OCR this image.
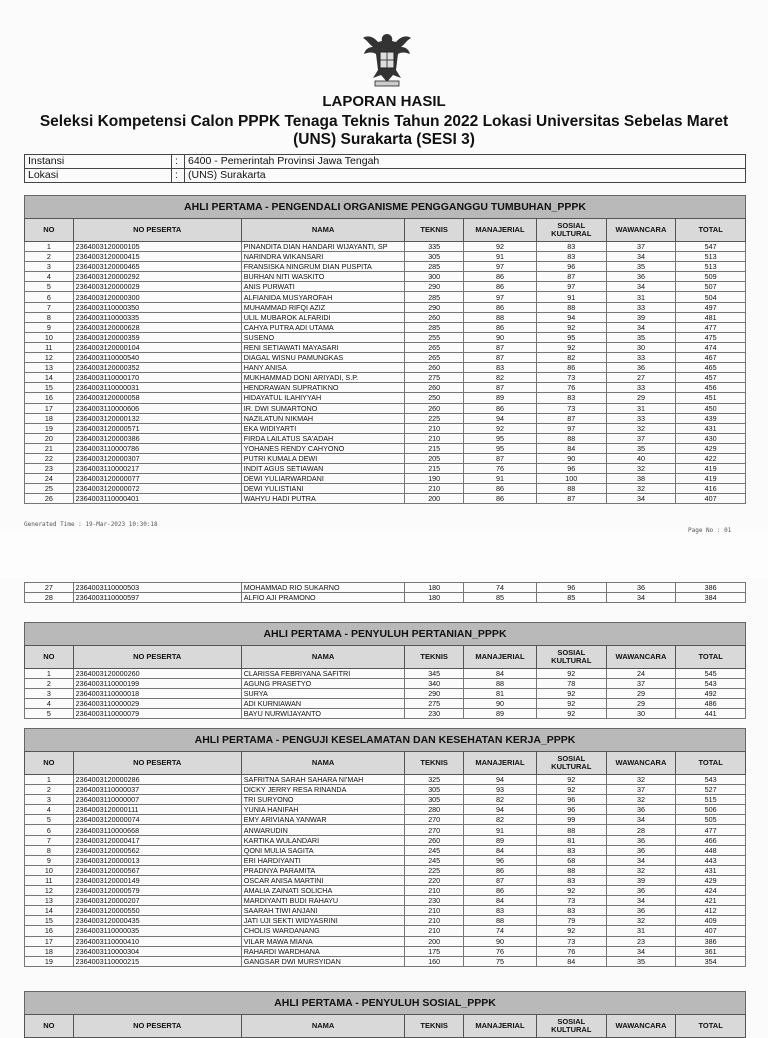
LAPORAN HASIL
Seleksi Kompetensi Calon PPPK Tenaga Teknis Tahun 2022 Lokasi Universitas Sebelas Maret
(UNS) Surakarta (SESI 3)
Instansi	:	6400 - Pemerintah Provinsi Jawa Tengah
Lokasi	:	(UNS) Surakarta
AHLI PERTAMA - PENGENDALI ORGANISME PENGGANGGU TUMBUHAN_PPPK
NO	NO PESERTA	NAMA	TEKNIS	MANAJERIAL	SOSIAL KULTURAL	WAWANCARA	TOTAL
1	2364003120000105	PINANDITA DIAN HANDARI WIJAYANTI, SP	335	92	83	37	547
2	2364003120000415	NARINDRA WIKANSARI	305	91	83	34	513
3	2364003120000465	FRANSISKA NINGRUM DIAN PUSPITA	285	97	96	35	513
4	2364003120000292	BURHAN NITI WASKITO	300	86	87	36	509
5	2364003120000029	ANIS PURWATI	290	86	97	34	507
6	2364003120000300	ALFIANIDA MUSYAROFAH	285	97	91	31	504
7	2364003110000350	MUHAMMAD RIFQI AZIZ	290	86	88	33	497
8	2364003110000335	ULIL MUBAROK ALFARIDI	260	88	94	39	481
9	2364003120000628	CAHYA PUTRA ADI UTAMA	285	86	92	34	477
10	2364003120000359	SUSENO	255	90	95	35	475
11	2364003120000104	RENI SETIAWATI MAYASARI	265	87	92	30	474
12	2364003110000540	DIAGAL WISNU PAMUNGKAS	265	87	82	33	467
13	2364003120000352	HANY ANISA	260	83	86	36	465
14	2364003110000170	MUKHAMMAD DONI ARIYADI, S.P.	275	82	73	27	457
15	2364003110000031	HENDRAWAN SUPRATIKNO	260	87	76	33	456
16	2364003120000058	HIDAYATUL ILAHIYYAH	250	89	83	29	451
17	2364003110000606	IR. DWI SUMARTONO	260	86	73	31	450
18	2364003120000132	NAZILATUN NIKMAH	225	94	87	33	439
19	2364003120000571	EKA WIDIYARTI	210	92	97	32	431
20	2364003120000386	FIRDA LAILATUS SA'ADAH	210	95	88	37	430
21	2364003110000786	YOHANES RENDY CAHYONO	215	95	84	35	429
22	2364003120000307	PUTRI KUMALA DEWI	205	87	90	40	422
23	2364003110000217	INDIT AGUS SETIAWAN	215	76	96	32	419
24	2364003120000077	DEWI YULIARWARDANI	190	91	100	38	419
25	2364003120000072	DEWI YULISTIANI	210	86	88	32	416
26	2364003110000401	WAHYU HADI PUTRA	200	86	87	34	407
27	2364003110000503	MOHAMMAD RIO SUKARNO	180	74	96	36	386
28	2364003110000597	ALFIO AJI PRAMONO	180	85	85	34	384
AHLI PERTAMA - PENYULUH PERTANIAN_PPPK
NO	NO PESERTA	NAMA	TEKNIS	MANAJERIAL	SOSIAL KULTURAL	WAWANCARA	TOTAL
1	2364003120000260	CLARISSA FEBRIYANA SAFITRI	345	84	92	24	545
2	2364003110000199	AGUNG PRASETYO	340	88	78	37	543
3	2364003110000018	SURYA	290	81	92	29	492
4	2364003110000029	ADI KURNIAWAN	275	90	92	29	486
5	2364003110000079	BAYU NURWIJAYANTO	230	89	92	30	441
AHLI PERTAMA - PENGUJI KESELAMATAN DAN KESEHATAN KERJA_PPPK
NO	NO PESERTA	NAMA	TEKNIS	MANAJERIAL	SOSIAL KULTURAL	WAWANCARA	TOTAL
1	2364003120000286	SAFRITNA SARAH SAHARA NI'MAH	325	94	92	32	543
2	2364003110000037	DICKY JERRY RESA RINANDA	305	93	92	37	527
3	2364003110000007	TRI SURYONO	305	82	96	32	515
4	2364003120000111	YUNIA HANIFAH	280	94	96	36	506
5	2364003120000074	EMY ARIVIANA YANWAR	270	82	99	34	505
6	2364003110000668	ANWARUDIN	270	91	88	28	477
7	2364003120000417	KARTIKA WULANDARI	260	89	81	36	466
8	2364003120000562	QONI MULIA SAGITA	245	84	83	36	448
9	2364003120000013	ERI HARDIYANTI	245	96	68	34	443
10	2364003120000567	PRADNYA PARAMITA	225	86	88	32	431
11	2364003120000149	OSCAR ANISA MARTINI	220	87	83	39	429
12	2364003120000579	AMALIA ZAINATI SOLICHA	210	86	92	36	424
13	2364003120000207	MARDIYANTI BUDI RAHAYU	230	84	73	34	421
14	2364003120000550	SAARAH TIWI ANJANI	210	83	83	36	412
15	2364003120000435	JATI UJI SEKTI WIDYASRINI	210	88	79	32	409
16	2364003110000035	CHOLIS WARDANANG	210	74	92	31	407
17	2364003110000410	VILAR MAWA MIANA	200	90	73	23	386
18	2364003110000304	RAHARDI WARDHANA	175	76	76	34	361
19	2364003110000215	GANGSAR DWI MURSYIDAN	160	75	84	35	354
AHLI PERTAMA - PENYULUH SOSIAL_PPPK
NO	NO PESERTA	NAMA	TEKNIS	MANAJERIAL	SOSIAL KULTURAL	WAWANCARA	TOTAL
Generated Time : 19-Mar-2023 10:30:18
Page No : 01
